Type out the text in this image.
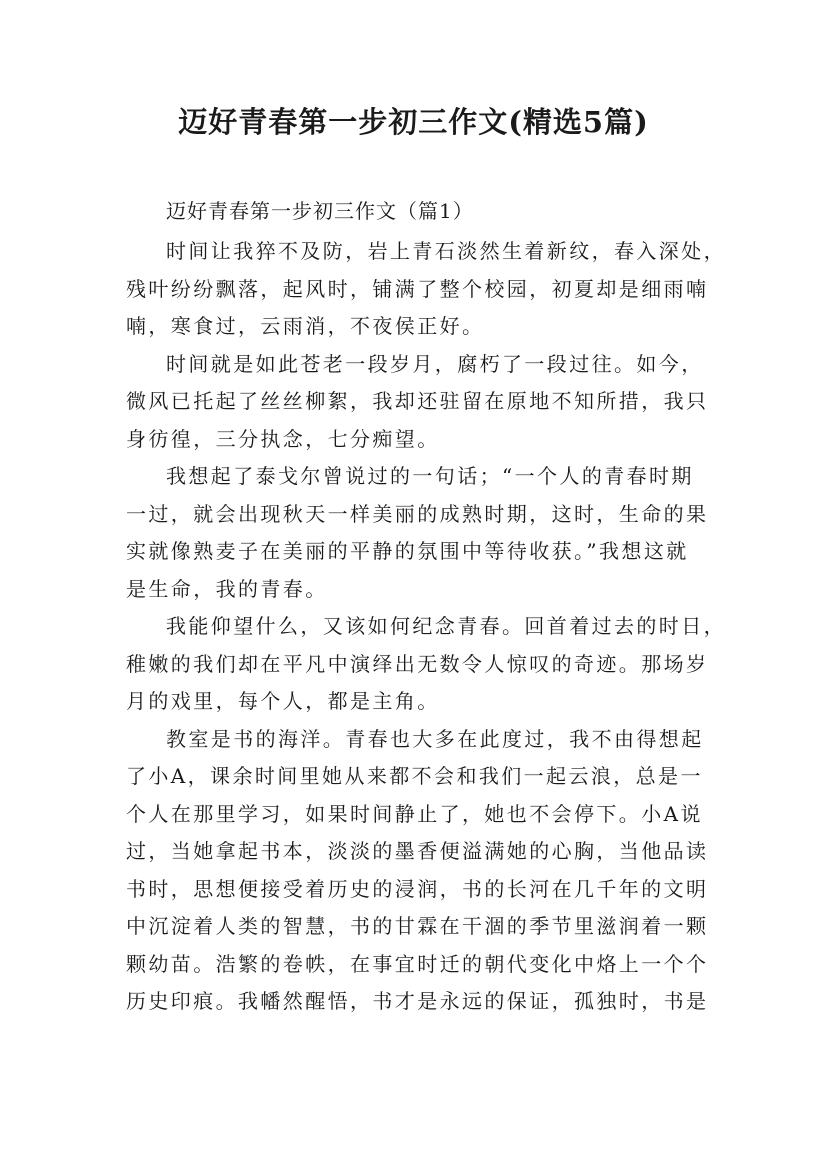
迈好青春第一步初三作文(精选5篇)
迈好青春第一步初三作文（篇1）

时间让我猝不及防，岩上青石淡然生着新纹，春入深处，
残叶纷纷飘落，起风时，铺满了整个校园，初夏却是细雨喃
喃，寒食过，云雨消，不夜侯正好。

时间就是如此苍老一段岁月，腐朽了一段过往。如今，
微风已托起了丝丝柳絮，我却还驻留在原地不知所措，我只
身彷徨，三分执念，七分痴望。

我想起了泰戈尔曾说过的一句话；“一个人的青春时期
一过，就会出现秋天一样美丽的成熟时期，这时，生命的果
实就像熟麦子在美丽的平静的氛围中等待收获。”我想这就
是生命，我的青春。

我能仰望什么，又该如何纪念青春。回首着过去的时日，
稚嫩的我们却在平凡中演绎出无数令人惊叹的奇迹。那场岁
月的戏里，每个人，都是主角。

教室是书的海洋。青春也大多在此度过，我不由得想起
了小A，课余时间里她从来都不会和我们一起云浪，总是一
个人在那里学习，如果时间静止了，她也不会停下。小A说
过，当她拿起书本，淡淡的墨香便溢满她的心胸，当他品读
书时，思想便接受着历史的浸润，书的长河在几千年的文明
中沉淀着人类的智慧，书的甘霖在干涸的季节里滋润着一颗
颗幼苗。浩繁的卷帙，在事宜时迁的朝代变化中烙上一个个
历史印痕。我幡然醒悟，书才是永远的保证，孤独时，书是
